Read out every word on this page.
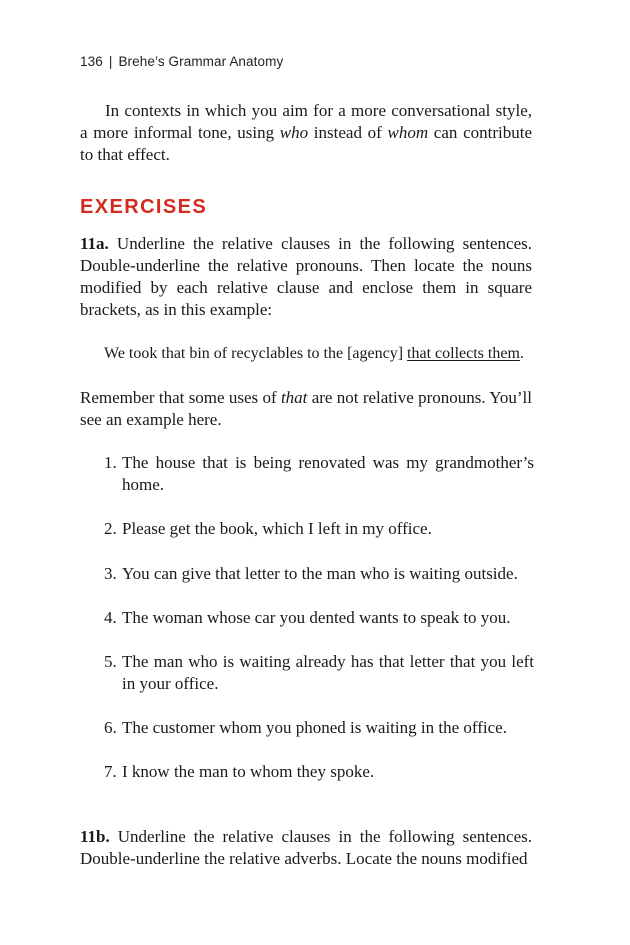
136 | Brehe’s Grammar Anatomy

In contexts in which you aim for a more conversational style, a more informal tone, using who instead of whom can contribute to that effect.

EXERCISES

11a. Underline the relative clauses in the following sentences. Double-underline the relative pronouns. Then locate the nouns modified by each relative clause and enclose them in square brackets, as in this example:

We took that bin of recyclables to the [agency] that collects them.

Remember that some uses of that are not relative pronouns. You’ll see an example here.

1. The house that is being renovated was my grandmother’s home.
2. Please get the book, which I left in my office.
3. You can give that letter to the man who is waiting outside.
4. The woman whose car you dented wants to speak to you.
5. The man who is waiting already has that letter that you left in your office.
6. The customer whom you phoned is waiting in the office.
7. I know the man to whom they spoke.

11b. Underline the relative clauses in the following sentences. Double-underline the relative adverbs. Locate the nouns modified
